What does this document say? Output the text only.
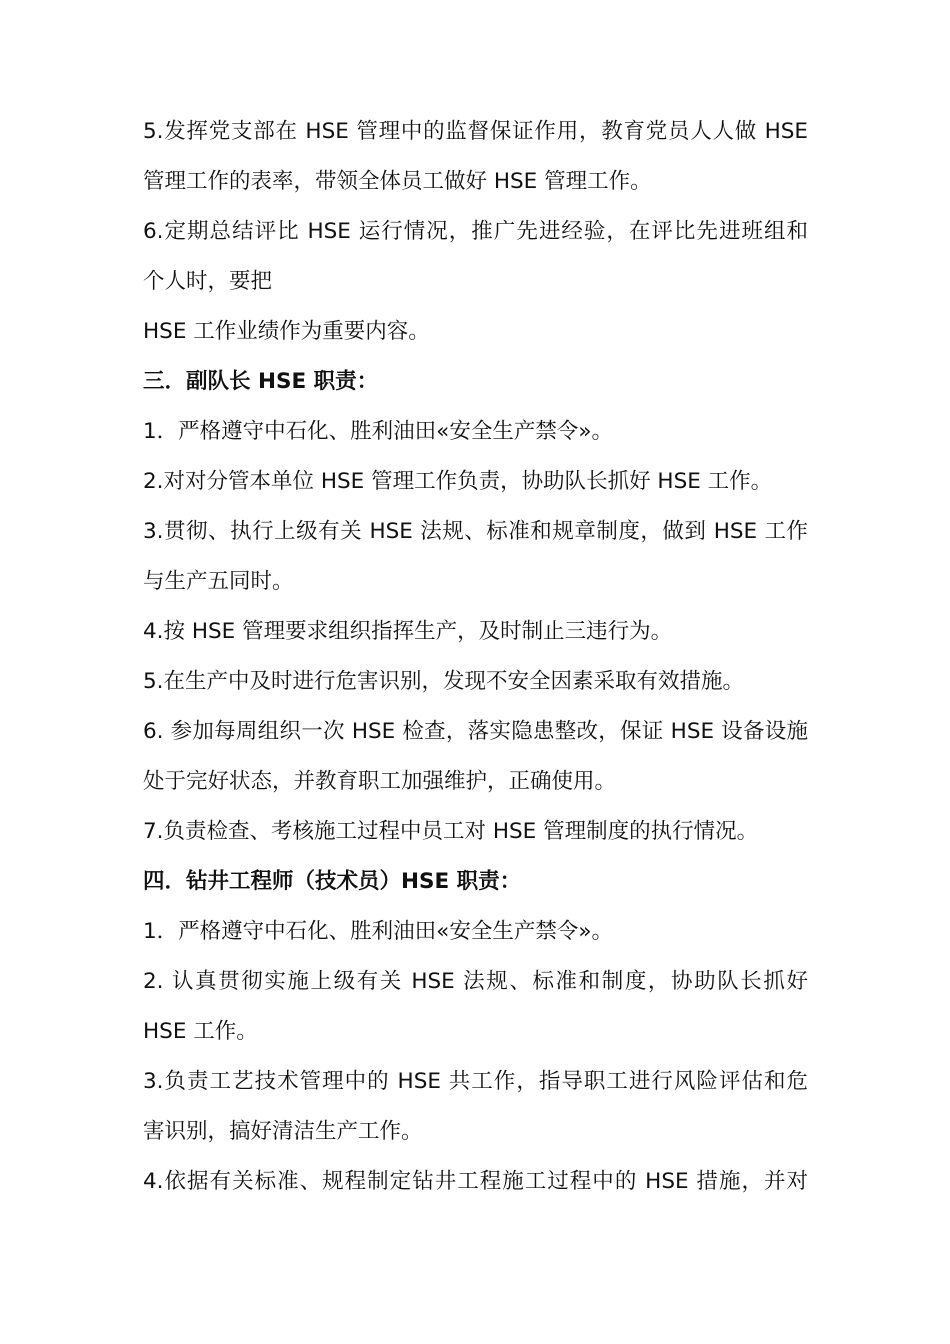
5.发挥党支部在 HSE 管理中的监督保证作用，教育党员人人做 HSE
管理工作的表率，带领全体员工做好 HSE 管理工作。
6.定期总结评比 HSE 运行情况，推广先进经验，在评比先进班组和
个人时，要把
HSE 工作业绩作为重要内容。
三．副队长 HSE 职责：
1．严格遵守中石化、胜利油田«安全生产禁令»。
2.对对分管本单位 HSE 管理工作负责，协助队长抓好 HSE 工作。
3.贯彻、执行上级有关 HSE 法规、标准和规章制度，做到 HSE 工作
与生产五同时。
4.按 HSE 管理要求组织指挥生产，及时制止三违行为。
5.在生产中及时进行危害识别，发现不安全因素采取有效措施。
6. 参加每周组织一次 HSE 检查，落实隐患整改，保证 HSE 设备设施
处于完好状态，并教育职工加强维护，正确使用。
7.负责检查、考核施工过程中员工对 HSE 管理制度的执行情况。
四．钻井工程师（技术员）HSE 职责：
1．严格遵守中石化、胜利油田«安全生产禁令»。
2. 认真贯彻实施上级有关 HSE 法规、标准和制度，协助队长抓好
HSE 工作。
3.负责工艺技术管理中的 HSE 共工作，指导职工进行风险评估和危
害识别，搞好清洁生产工作。
4.依据有关标准、规程制定钻井工程施工过程中的 HSE 措施，并对
